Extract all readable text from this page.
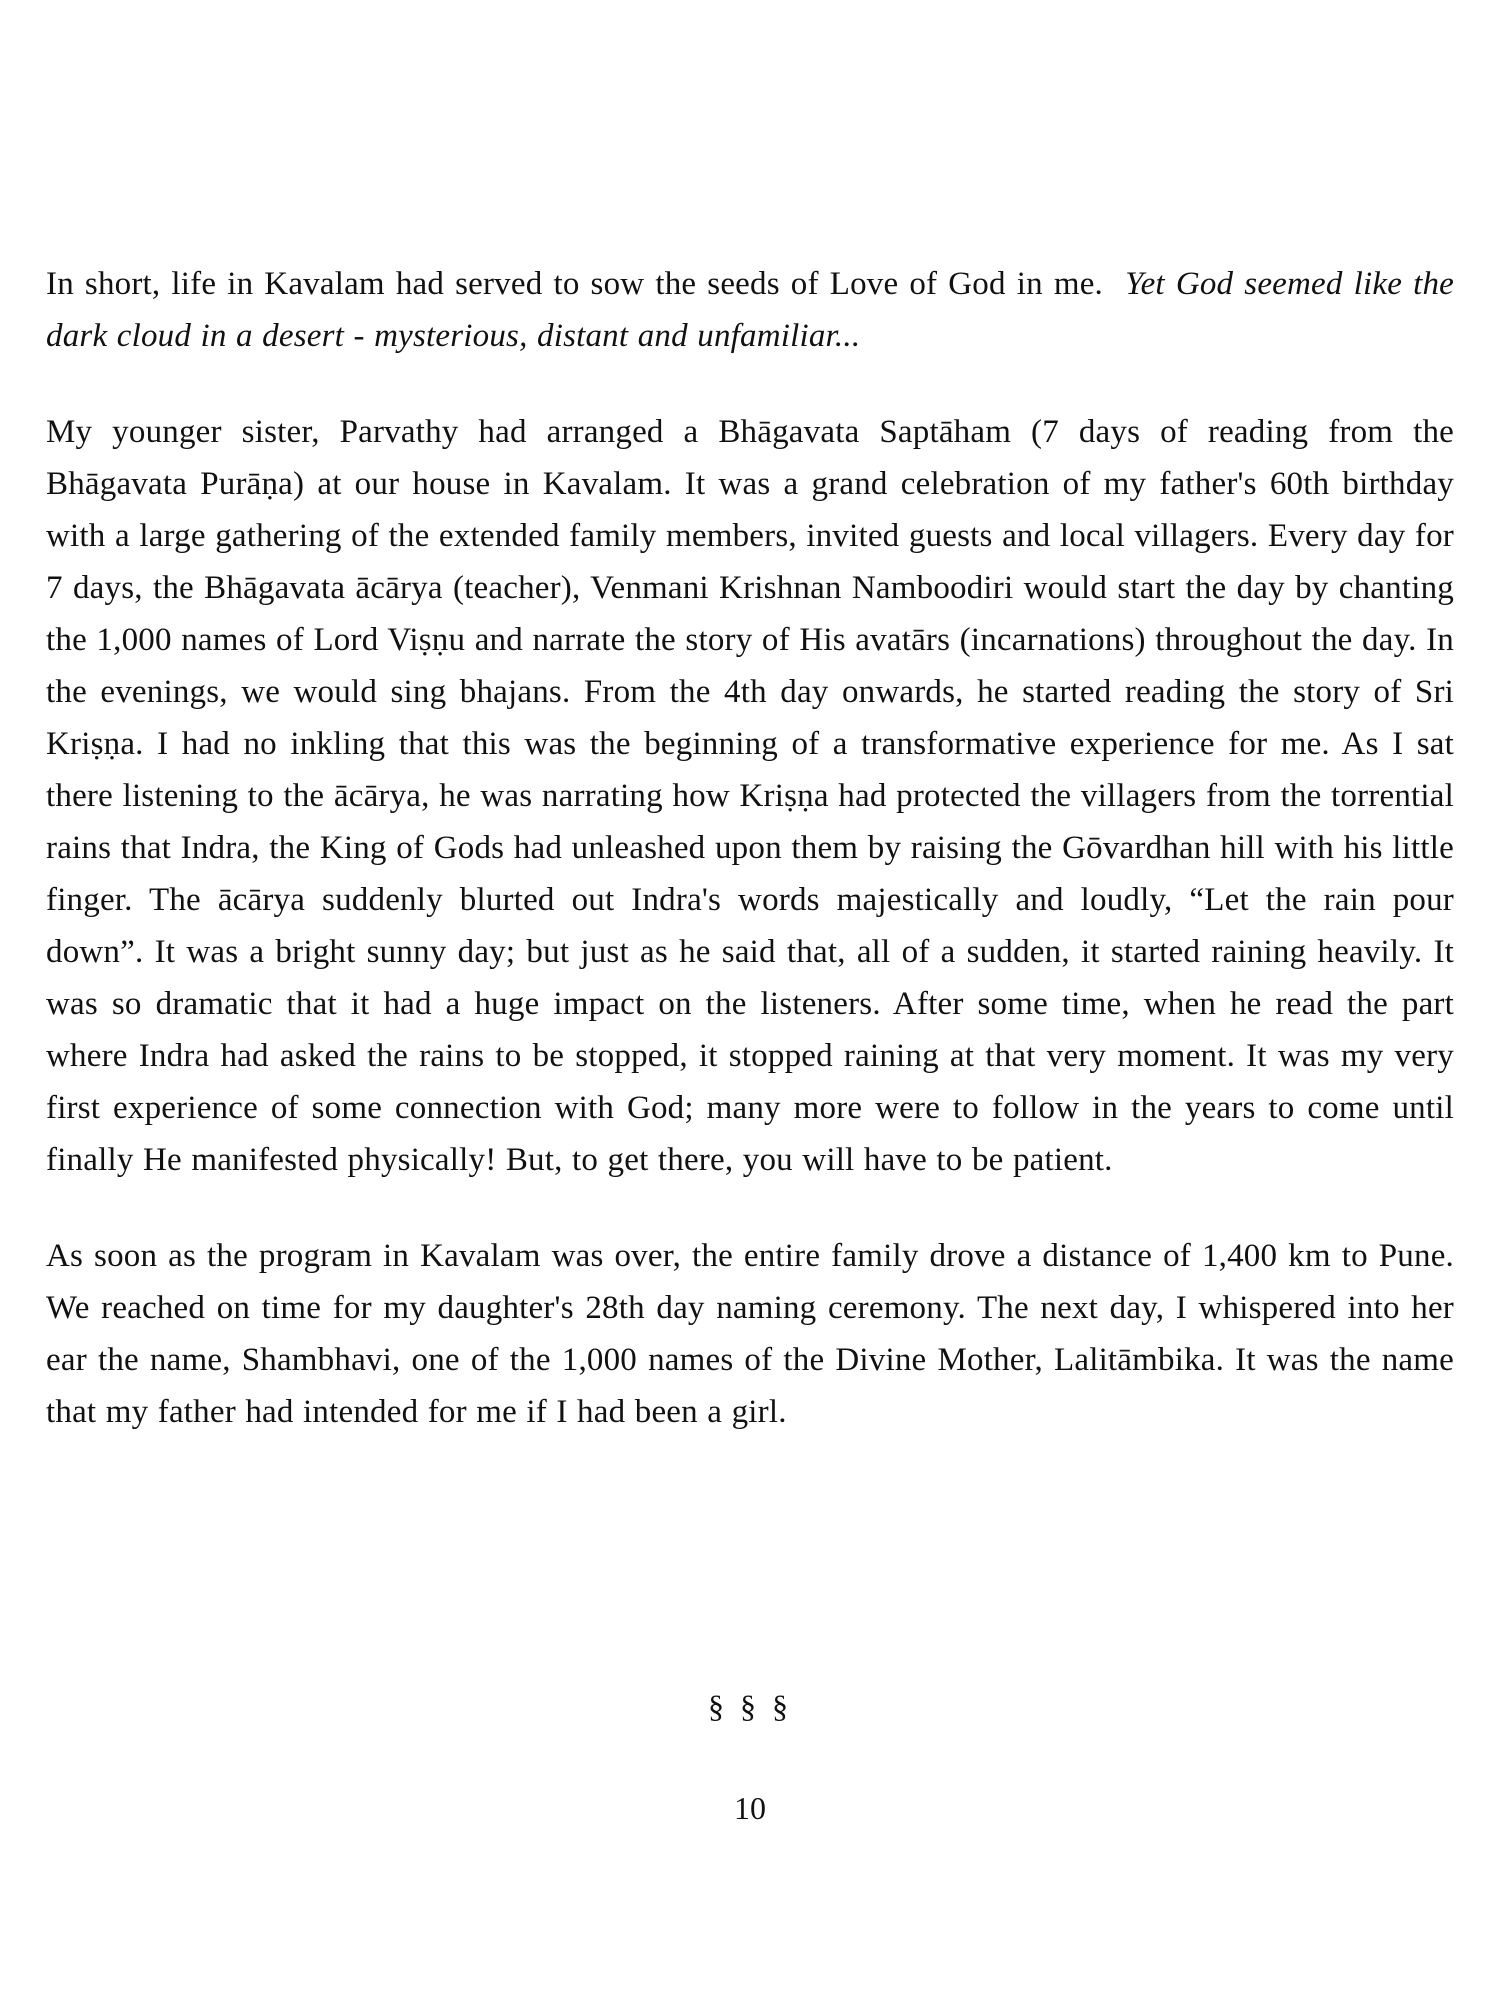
In short, life in Kavalam had served to sow the seeds of Love of God in me. Yet God seemed like the dark cloud in a desert - mysterious, distant and unfamiliar...

My younger sister, Parvathy had arranged a Bhāgavata Saptāham (7 days of reading from the Bhāgavata Purāṇa) at our house in Kavalam. It was a grand celebration of my father's 60th birthday with a large gathering of the extended family members, invited guests and local villagers. Every day for 7 days, the Bhāgavata ācārya (teacher), Venmani Krishnan Namboodiri would start the day by chanting the 1,000 names of Lord Viṣṇu and narrate the story of His avatārs (incarnations) throughout the day. In the evenings, we would sing bhajans. From the 4th day onwards, he started reading the story of Sri Kriṣṇa. I had no inkling that this was the beginning of a transformative experience for me. As I sat there listening to the ācārya, he was narrating how Kriṣṇa had protected the villagers from the torrential rains that Indra, the King of Gods had unleashed upon them by raising the Gōvardhan hill with his little finger. The ācārya suddenly blurted out Indra's words majestically and loudly, “Let the rain pour down”. It was a bright sunny day; but just as he said that, all of a sudden, it started raining heavily. It was so dramatic that it had a huge impact on the listeners. After some time, when he read the part where Indra had asked the rains to be stopped, it stopped raining at that very moment. It was my very first experience of some connection with God; many more were to follow in the years to come until finally He manifested physically! But, to get there, you will have to be patient.

As soon as the program in Kavalam was over, the entire family drove a distance of 1,400 km to Pune. We reached on time for my daughter's 28th day naming ceremony. The next day, I whispered into her ear the name, Shambhavi, one of the 1,000 names of the Divine Mother, Lalitāmbika. It was the name that my father had intended for me if I had been a girl.

§ § §
10
